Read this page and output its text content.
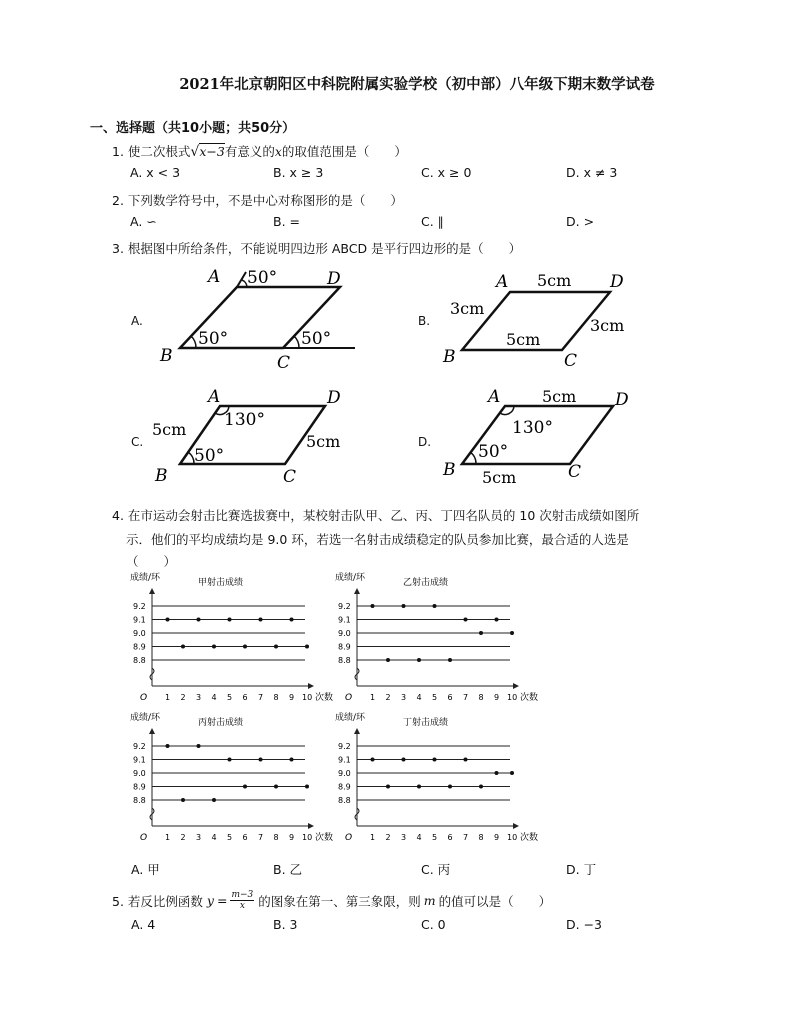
2021年北京朝阳区中科院附属实验学校（初中部）八年级下期末数学试卷
一、选择题（共10小题；共50分）
1. 使二次根式√x−3有意义的x的取值范围是（　　）
A. x < 3	B. x ≥ 3	C. x ≥ 0	D. x ≠ 3
2. 下列数学符号中，不是中心对称图形的是（　　）
A. ∽	B. =	C. ∥	D. >
3. 根据图中所给条件，不能说明四边形 ABCD 是平行四边形的是（　　）
A.	B.
C.	D.
A
B	C
D
50°
50°	50°
A
B	C
D
5cm
3cm
3cm
5cm
A
B	C
D
5cm
5cm
130°
50°
A
B	C
D
5cm
5cm
130°
50°
4. 在市运动会射击比赛选拔赛中，某校射击队甲、乙、丙、丁四名队员的 10 次射击成绩如图所
示．他们的平均成绩均是 9.0 环，若选一名射击成绩稳定的队员参加比赛，最合适的人选是
（　　）
成绩/环	甲射击成绩
9.2
9.1
9.0
8.9
8.8
O 1 2 3 4 5 6 7 8 9 10 次数
成绩/环	乙射击成绩
9.2
9.1
9.0
8.9
8.8
O 1 2 3 4 5 6 7 8 9 10 次数
成绩/环	丙射击成绩
9.2
9.1
9.0
8.9
8.8
O 1 2 3 4 5 6 7 8 9 10 次数
成绩/环	丁射击成绩
9.2
9.1
9.0
8.9
8.8
O 1 2 3 4 5 6 7 8 9 10 次数
A. 甲	B. 乙	C. 丙	D. 丁
5. 若反比例函数 $y = \frac{m-3}{x}$ 的图象在第一、第三象限，则 m 的值可以是（　　）
A. 4	B. 3	C. 0	D. −3
